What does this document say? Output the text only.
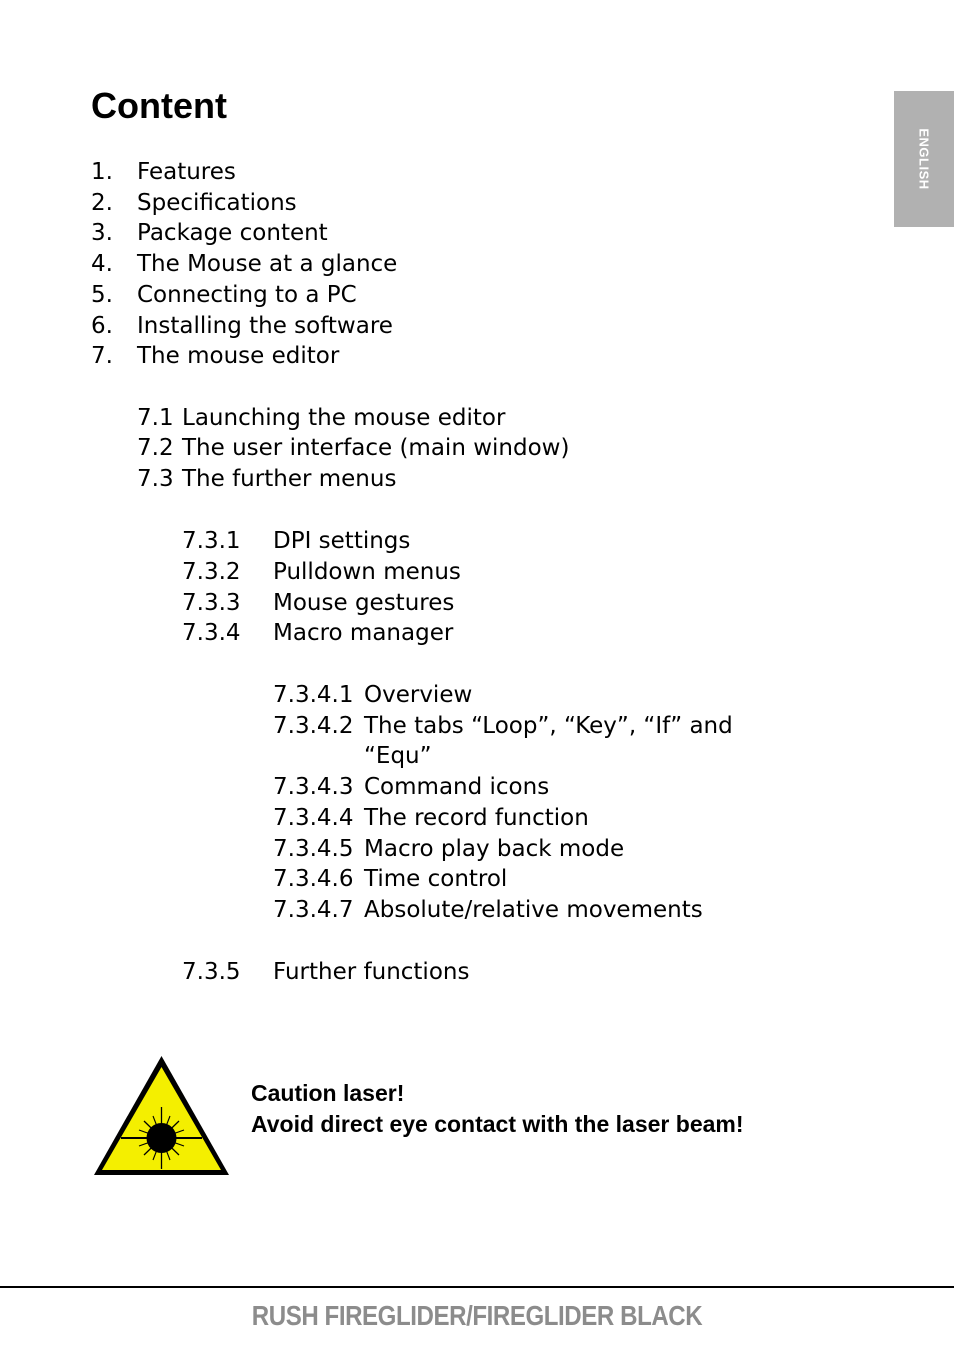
ENGLISH
Content
1. Features
2. Specifications
3. Package content
4. The Mouse at a glance
5. Connecting to a PC
6. Installing the software
7. The mouse editor
7.1 Launching the mouse editor
7.2 The user interface (main window)
7.3 The further menus
7.3.1 DPI settings
7.3.2 Pulldown menus
7.3.3 Mouse gestures
7.3.4 Macro manager
7.3.4.1 Overview
7.3.4.2 The tabs “Loop”, “Key”, “If” and
“Equ”
7.3.4.3 Command icons
7.3.4.4 The record function
7.3.4.5 Macro play back mode
7.3.4.6 Time control
7.3.4.7 Absolute/relative movements
7.3.5 Further functions
Caution laser!
Avoid direct eye contact with the laser beam!
RUSH FIREGLIDER/FIREGLIDER BLACK
